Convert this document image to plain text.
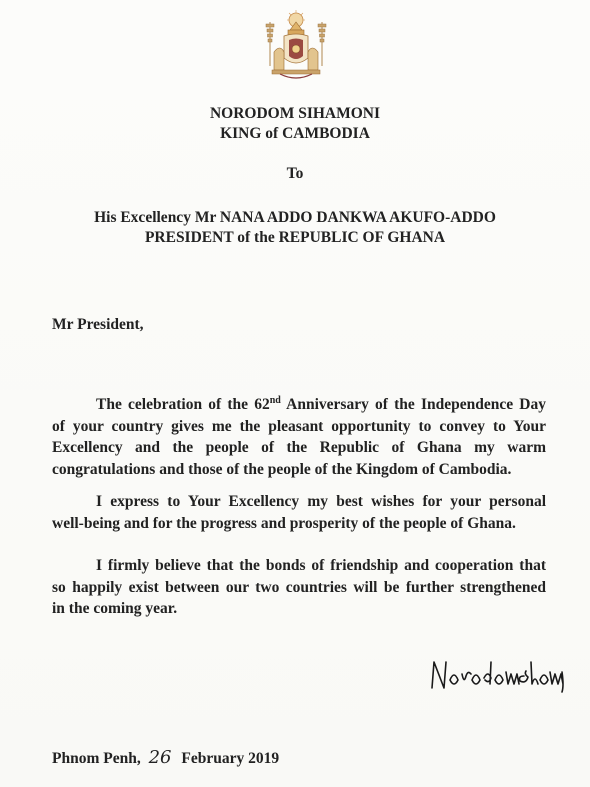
NORODOM SIHAMONI
KING of CAMBODIA
To
His Excellency Mr NANA ADDO DANKWA AKUFO-ADDO
PRESIDENT of the REPUBLIC OF GHANA
Mr President,
The celebration of the 62nd Anniversary of the Independence Day
of your country gives me the pleasant opportunity to convey to Your
Excellency and the people of the Republic of Ghana my warm
congratulations and those of the people of the Kingdom of Cambodia.
I express to Your Excellency my best wishes for your personal
well-being and for the progress and prosperity of the people of Ghana.
I firmly believe that the bonds of friendship and cooperation that
so happily exist between our two countries will be further strengthened
in the coming year.
Phnom Penh, 26 February 2019
